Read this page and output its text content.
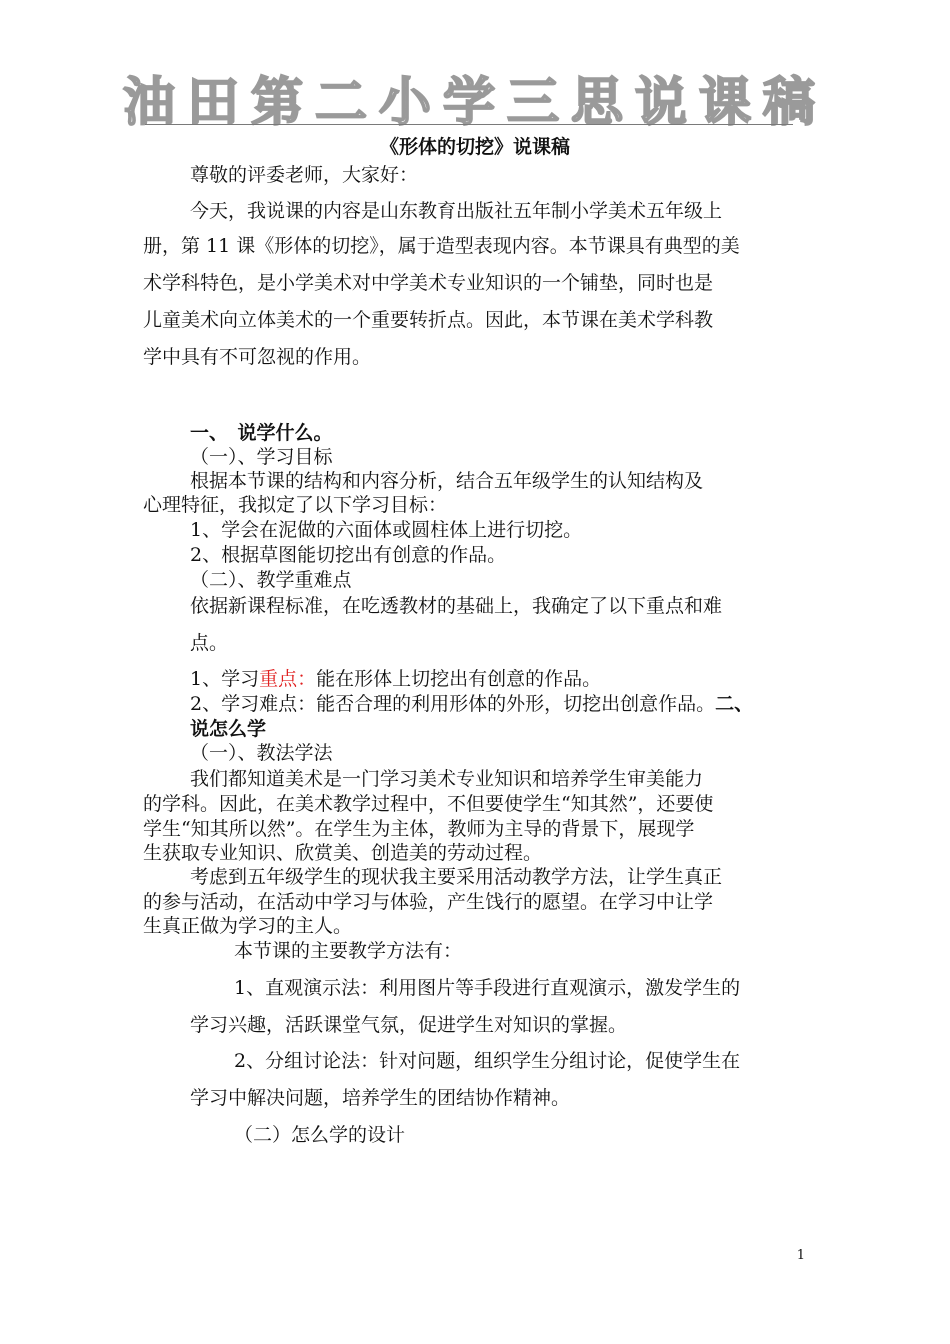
油田第二小学三思说课稿
《形体的切挖》说课稿
尊敬的评委老师，大家好：
今天，我说课的内容是山东教育出版社五年制小学美术五年级上
册，第 11 课《形体的切挖》，属于造型表现内容。本节课具有典型的美
术学科特色，是小学美术对中学美术专业知识的一个铺垫，同时也是
儿童美术向立体美术的一个重要转折点。因此，本节课在美术学科教
学中具有不可忽视的作用。
一、　说学什么。
（一）、学习目标
根据本节课的结构和内容分析，结合五年级学生的认知结构及
心理特征，我拟定了以下学习目标：
1、学会在泥做的六面体或圆柱体上进行切挖。
2、根据草图能切挖出有创意的作品。
（二）、教学重难点
依据新课程标准，在吃透教材的基础上，我确定了以下重点和难
点。
1、学习重点：能在形体上切挖出有创意的作品。
2、学习难点：能否合理的利用形体的外形，切挖出创意作品。二、
说怎么学
（一）、教法学法
我们都知道美术是一门学习美术专业知识和培养学生审美能力
的学科。因此，在美术教学过程中，不但要使学生“知其然”，还要使
学生“知其所以然”。在学生为主体，教师为主导的背景下，展现学
生获取专业知识、欣赏美、创造美的劳动过程。
考虑到五年级学生的现状我主要采用活动教学方法，让学生真正
的参与活动，在活动中学习与体验，产生饯行的愿望。在学习中让学
生真正做为学习的主人。
本节课的主要教学方法有：
1、直观演示法：利用图片等手段进行直观演示，激发学生的
学习兴趣，活跃课堂气氛，促进学生对知识的掌握。
2、分组讨论法：针对问题，组织学生分组讨论，促使学生在
学习中解决问题，培养学生的团结协作精神。
（二）怎么学的设计
1
